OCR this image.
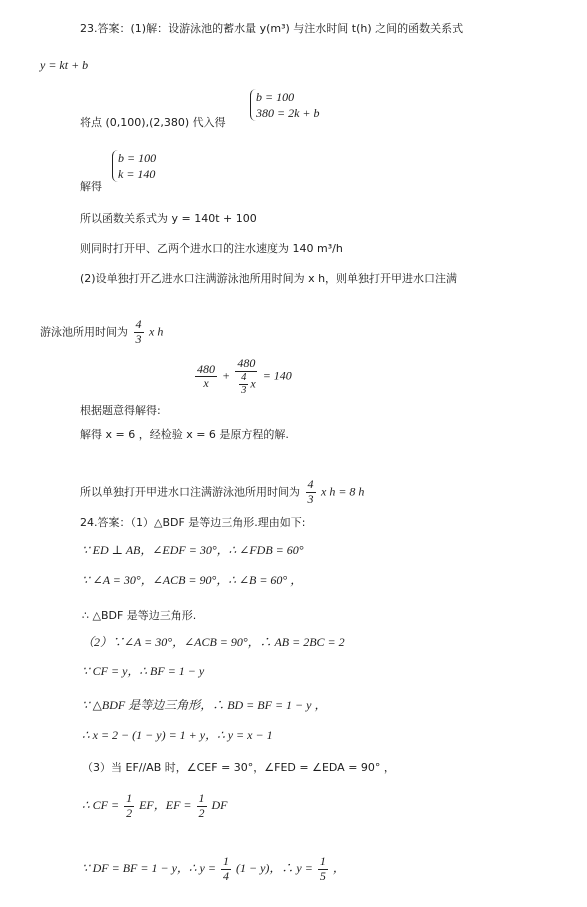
23.答案：(1)解：设游泳池的蓄水量 y(m³) 与注水时间 t(h) 之间的函数关系式
y = kt + b
将点 (0,100),(2,380) 代入得
b = 100
380 = 2k + b
解得
b = 100
k = 140
所以函数关系式为 y = 140t + 100
则同时打开甲、乙两个进水口的注水速度为 140 m³/h
(2)设单独打开乙进水口注满游泳池所用时间为 x h，则单独打开甲进水口注满
游泳池所用时间为 $\frac{4}{3}$ x h
$\frac{480}{x} + \frac{480}{\frac{4}{3} x} = 140$
根据题意得解得:
解得 x = 6 ，经检验 x = 6 是原方程的解.
所以单独打开甲进水口注满游泳池所用时间为 $\frac{4}{3}$ x h = 8 h
24.答案：（1）△BDF 是等边三角形.理由如下:
∵ ED ⊥ AB，∠EDF = 30°，∴ ∠FDB = 60°
∵ ∠A = 30°，∠ACB = 90°，∴ ∠B = 60° ，
∴ △BDF 是等边三角形.
（2）∵∠A = 30°，∠ACB = 90°，∴ AB = 2BC = 2
∵ CF = y，∴ BF = 1 − y
∵ △BDF 是等边三角形，∴ BD = BF = 1 − y ，
∴ x = 2 − (1 − y) = 1 + y，∴ y = x − 1
（3）当 EF//AB 时，∠CEF = 30°，∠FED = ∠EDA = 90° ，
∴ CF = $\frac{1}{2}$ EF，EF = $\frac{1}{2}$ DF
∵ DF = BF = 1 − y，∴ $y = \frac{1}{4} (1 - y)$，∴ $y = \frac{1}{5}$ ，
